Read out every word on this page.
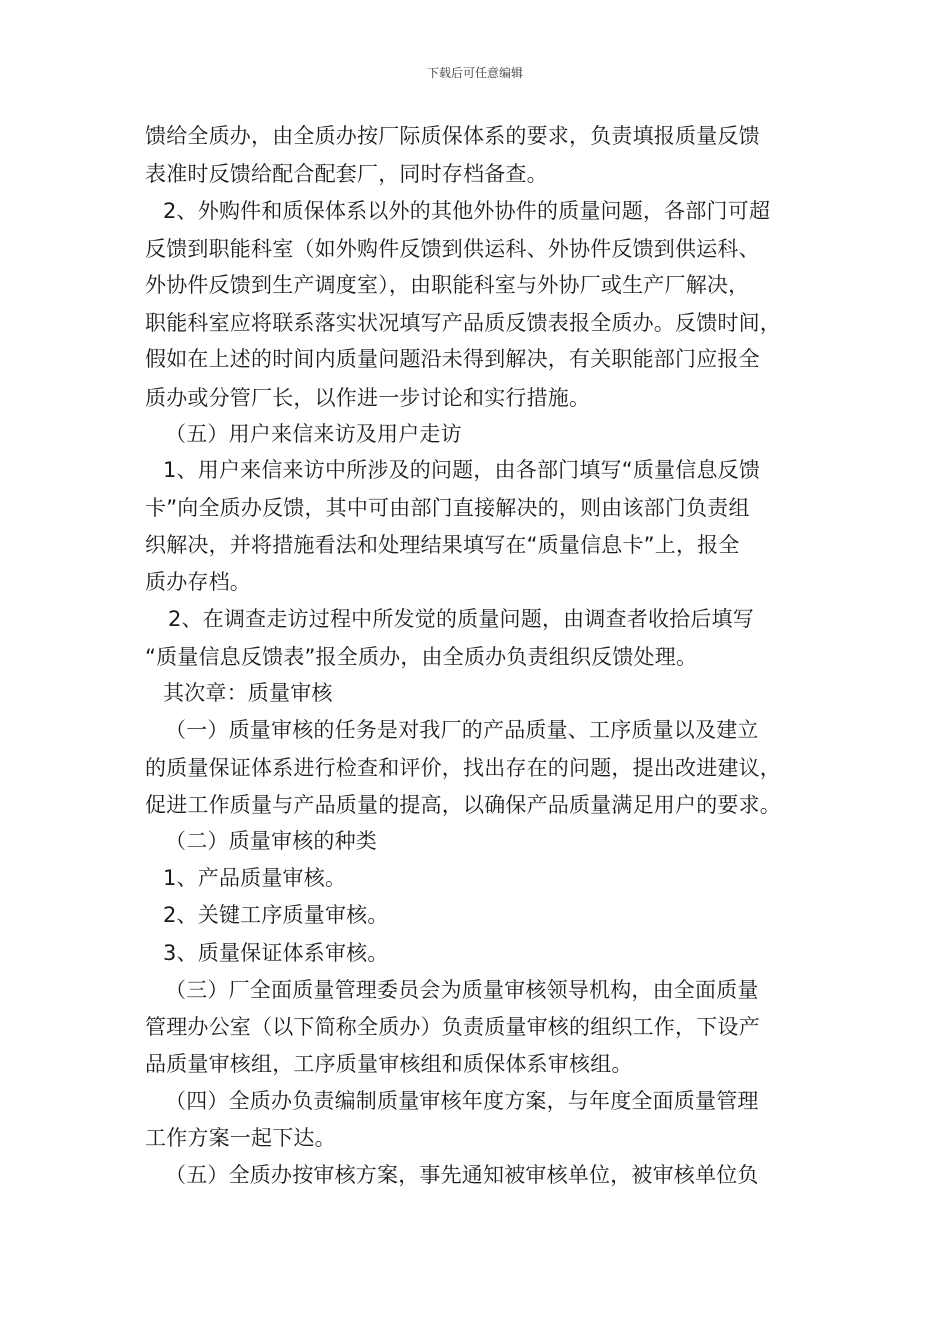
下载后可任意编辑
馈给全质办，由全质办按厂际质保体系的要求，负责填报质量反馈
表准时反馈给配合配套厂，同时存档备查。
2、外购件和质保体系以外的其他外协件的质量问题，各部门可超
反馈到职能科室（如外购件反馈到供运科、外协件反馈到供运科、
外协件反馈到生产调度室），由职能科室与外协厂或生产厂解决，
职能科室应将联系落实状况填写产品质反馈表报全质办。反馈时间，
假如在上述的时间内质量问题沿未得到解决，有关职能部门应报全
质办或分管厂长，以作进一步讨论和实行措施。
（五）用户来信来访及用户走访
1、用户来信来访中所涉及的问题，由各部门填写“质量信息反馈
卡”向全质办反馈，其中可由部门直接解决的，则由该部门负责组
织解决，并将措施看法和处理结果填写在“质量信息卡”上，报全
质办存档。
2、在调查走访过程中所发觉的质量问题，由调查者收拾后填写
“质量信息反馈表”报全质办，由全质办负责组织反馈处理。
其次章：质量审核
（一）质量审核的任务是对我厂的产品质量、工序质量以及建立
的质量保证体系进行检查和评价，找出存在的问题，提出改进建议，
促进工作质量与产品质量的提高，以确保产品质量满足用户的要求。
（二）质量审核的种类
1、产品质量审核。
2、关键工序质量审核。
3、质量保证体系审核。
（三）厂全面质量管理委员会为质量审核领导机构，由全面质量
管理办公室（以下简称全质办）负责质量审核的组织工作，下设产
品质量审核组，工序质量审核组和质保体系审核组。
（四）全质办负责编制质量审核年度方案，与年度全面质量管理
工作方案一起下达。
（五）全质办按审核方案，事先通知被审核单位，被审核单位负
